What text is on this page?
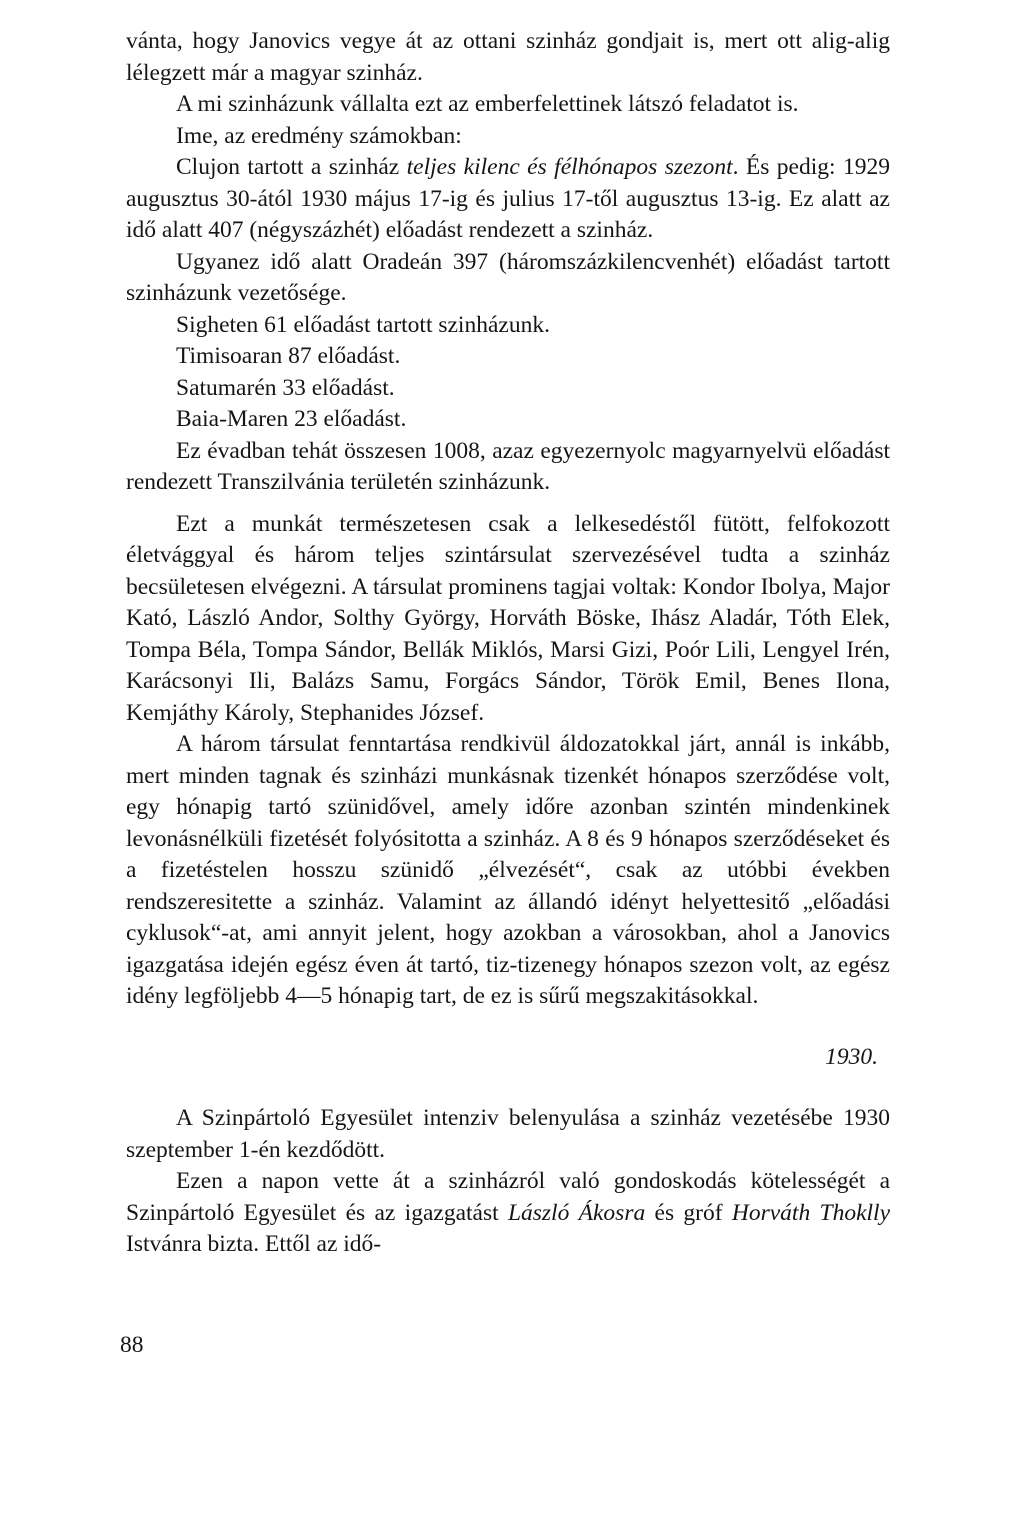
vánta, hogy Janovics vegye át az ottani szinház gondjait is, mert ott alig-alig lélegzett már a magyar szinház.

A mi szinházunk vállalta ezt az emberfelettinek látszó feladatot is.

Ime, az eredmény számokban:

Clujon tartott a szinház teljes kilenc és félhónapos szezont. És pedig: 1929 augusztus 30-ától 1930 május 17-ig és julius 17-től augusztus 13-ig. Ez alatt az idő alatt 407 (négyszázhét) előadást rendezett a szinház.

Ugyanez idő alatt Oradeán 397 (háromszázkilencvenhét) előadást tartott szinházunk vezetősége.

Sigheten 61 előadást tartott szinházunk.

Timisoaran 87 előadást.

Satumarén 33 előadást.

Baia-Maren 23 előadást.

Ez évadban tehát összesen 1008, azaz egyezernyolc magyarnyelvü előadást rendezett Transzilvánia területén szinházunk.

Ezt a munkát természetesen csak a lelkesedéstől fütött, felfokozott életvággyal és három teljes szintársulat szervezésével tudta a szinház becsületesen elvégezni. A társulat prominens tagjai voltak: Kondor Ibolya, Major Kató, László Andor, Solthy György, Horváth Böske, Ihász Aladár, Tóth Elek, Tompa Béla, Tompa Sándor, Bellák Miklós, Marsi Gizi, Poór Lili, Lengyel Irén, Karácsonyi Ili, Balázs Samu, Forgács Sándor, Török Emil, Benes Ilona, Kemjáthy Károly, Stephanides József.

A három társulat fenntartása rendkivül áldozatokkal járt, annál is inkább, mert minden tagnak és szinházi munkásnak tizenkét hónapos szerződése volt, egy hónapig tartó szünidővel, amely időre azonban szintén mindenkinek levonásnélküli fizetését folyósitotta a szinház. A 8 és 9 hónapos szerződéseket és a fizetéstelen hosszu szünidő „élvezését“, csak az utóbbi években rendszeresitette a szinház. Valamint az állandó idényt helyettesitő „előadási cyklusok“-at, ami annyit jelent, hogy azokban a városokban, ahol a Janovics igazgatása idején egész éven át tartó, tiz-tizenegy hónapos szezon volt, az egész idény legföljebb 4—5 hónapig tart, de ez is sűrű megszakitásokkal.

1930.

A Szinpártoló Egyesület intenziv belenyulása a szinház vezetésébe 1930 szeptember 1-én kezdődött.

Ezen a napon vette át a szinházról való gondoskodás kötelességét a Szinpártoló Egyesület és az igazgatást László Ákosra és gróf Horváth Thoklly Istvánra bizta. Ettől az idő-

88
